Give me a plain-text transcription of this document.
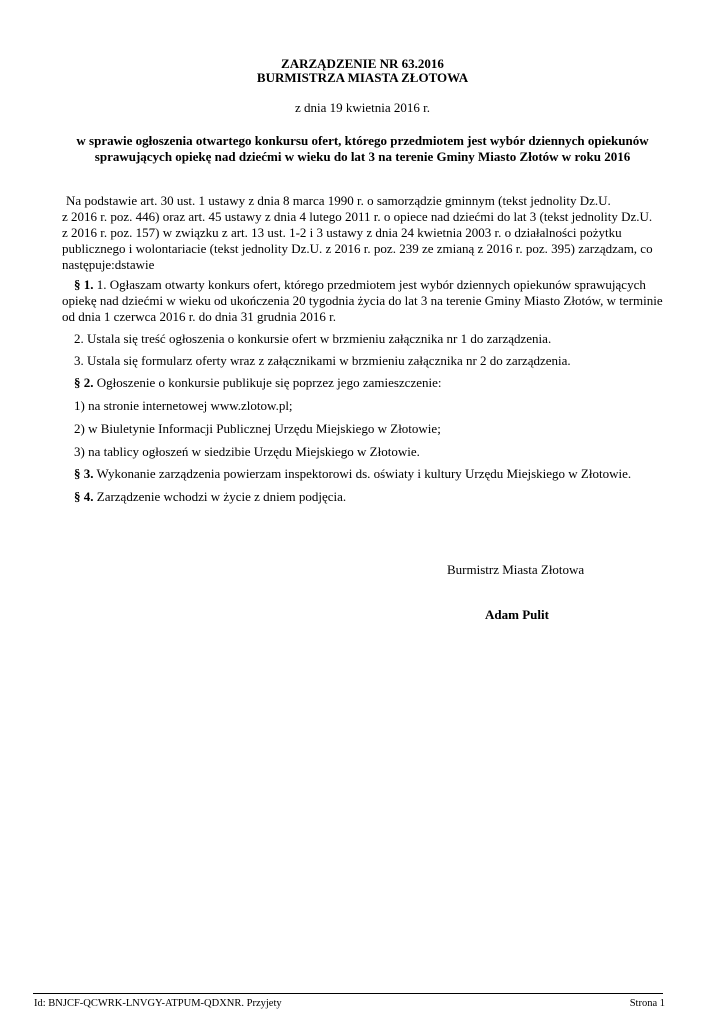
ZARZĄDZENIE NR 63.2016
BURMISTRZA MIASTA ZŁOTOWA
z dnia 19 kwietnia 2016 r.
w sprawie ogłoszenia otwartego konkursu ofert, którego przedmiotem jest wybór dziennych opiekunów
sprawujących opiekę nad dziećmi w wieku do lat 3 na terenie Gminy Miasto Złotów w roku 2016
Na podstawie art. 30 ust. 1 ustawy z dnia 8 marca 1990 r. o samorządzie gminnym (tekst jednolity Dz.U.
z 2016 r. poz. 446) oraz art. 45 ustawy z dnia 4 lutego 2011 r. o opiece nad dziećmi do lat 3 (tekst jednolity Dz.U.
z 2016 r. poz. 157) w związku z art. 13 ust. 1-2 i 3 ustawy z dnia 24 kwietnia 2003 r. o działalności pożytku
publicznego i wolontariacie (tekst jednolity Dz.U. z 2016 r. poz. 239 ze zmianą z 2016 r. poz. 395) zarządzam, co
następuje:dstawie
§ 1. 1. Ogłaszam otwarty konkurs ofert, którego przedmiotem jest wybór dziennych opiekunów sprawujących
opiekę nad dziećmi w wieku od ukończenia 20 tygodnia życia do lat 3 na terenie Gminy Miasto Złotów, w terminie
od dnia 1 czerwca 2016 r. do dnia 31 grudnia 2016 r.
2. Ustala się treść ogłoszenia o konkursie ofert w brzmieniu załącznika nr 1 do zarządzenia.
3. Ustala się formularz oferty wraz z załącznikami w brzmieniu załącznika nr 2 do zarządzenia.
§ 2. Ogłoszenie o konkursie publikuje się poprzez jego zamieszczenie:
1) na stronie internetowej www.zlotow.pl;
2) w Biuletynie Informacji Publicznej Urzędu Miejskiego w Złotowie;
3) na tablicy ogłoszeń w siedzibie Urzędu Miejskiego w Złotowie.
§ 3. Wykonanie zarządzenia powierzam inspektorowi ds. oświaty i kultury Urzędu Miejskiego w Złotowie.
§ 4. Zarządzenie wchodzi w życie z dniem podjęcia.
Burmistrz Miasta Złotowa
Adam Pulit
Id: BNJCF-QCWRK-LNVGY-ATPUM-QDXNR. Przyjety	Strona 1
